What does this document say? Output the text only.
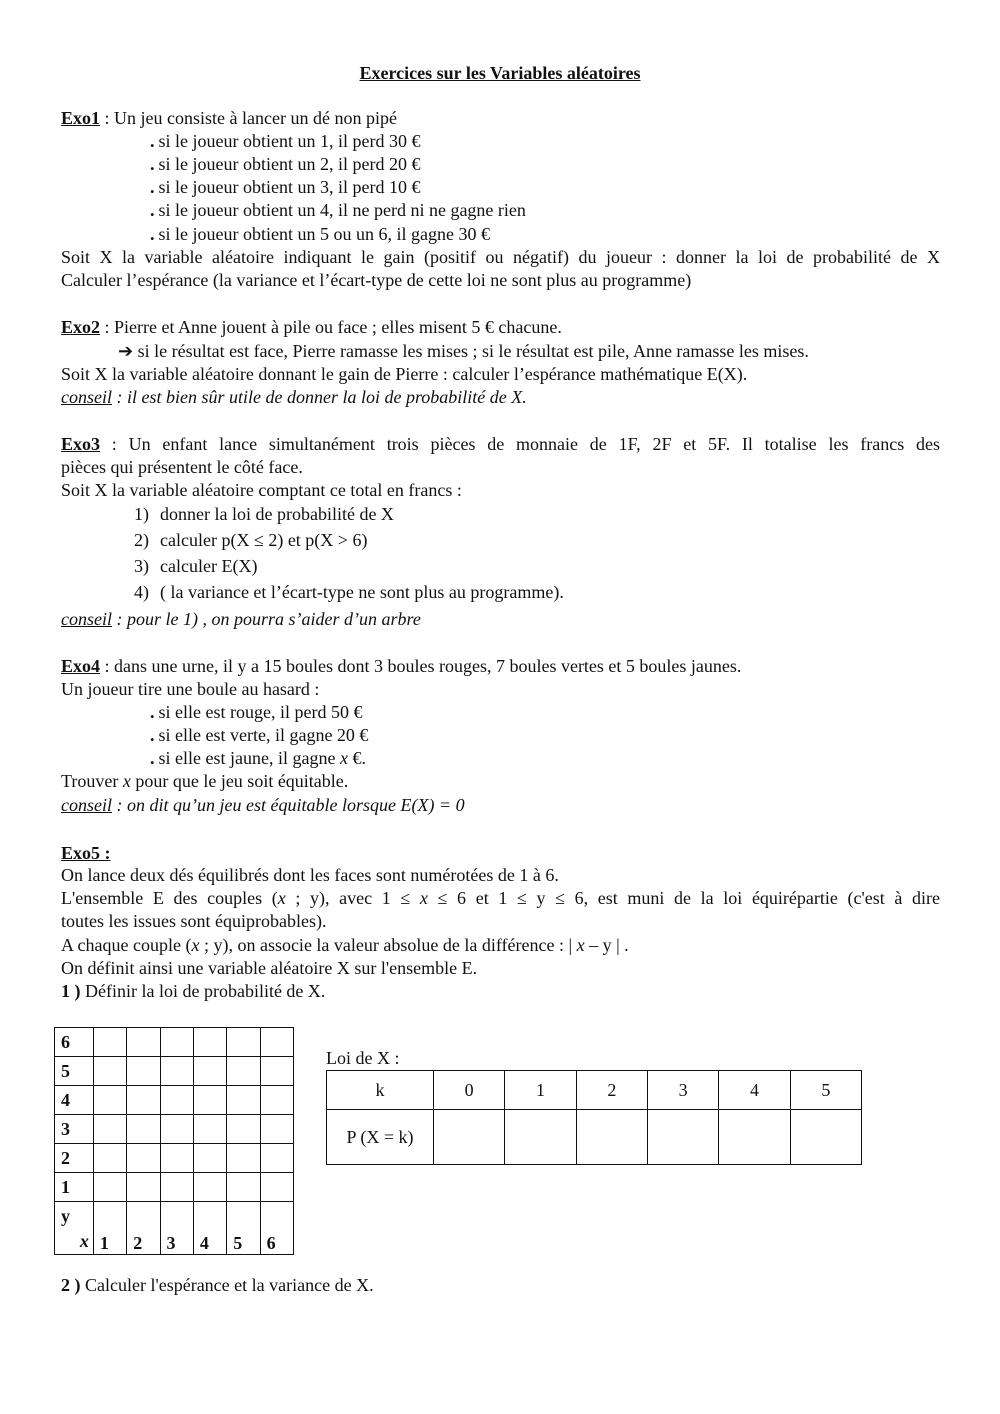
Exercices sur les Variables aléatoires
Exo1 : Un jeu consiste à lancer un dé non pipé
. si le joueur obtient un 1, il perd 30 €
. si le joueur obtient un 2, il perd 20 €
. si le joueur obtient un 3, il perd 10 €
. si le joueur obtient un 4, il ne perd ni ne gagne rien
. si le joueur obtient un 5 ou un 6, il gagne 30 €
Soit X la variable aléatoire indiquant le gain (positif ou négatif) du joueur : donner la loi de probabilité de X
Calculer l’espérance (la variance et l’écart-type de cette loi ne sont plus au programme)
Exo2 : Pierre et Anne jouent à pile ou face ; elles misent 5 € chacune.
➔ si le résultat est face, Pierre ramasse les mises ; si le résultat est pile, Anne ramasse les mises.
Soit X la variable aléatoire donnant le gain de Pierre : calculer l’espérance mathématique E(X).
conseil : il est bien sûr utile de donner la loi de probabilité de X.
Exo3 : Un enfant lance simultanément trois pièces de monnaie de 1F, 2F et 5F. Il totalise les francs des
pièces qui présentent le côté face.
Soit X la variable aléatoire comptant ce total en francs :
1) donner la loi de probabilité de X
2) calculer p(X ≤ 2) et p(X > 6)
3) calculer E(X)
4) ( la variance et l’écart-type ne sont plus au programme).
conseil : pour le 1) , on pourra s’aider d’un arbre
Exo4 : dans une urne, il y a 15 boules dont 3 boules rouges, 7 boules vertes et 5 boules jaunes.
Un joueur tire une boule au hasard :
. si elle est rouge, il perd 50 €
. si elle est verte, il gagne 20 €
. si elle est jaune, il gagne x €.
Trouver x pour que le jeu soit équitable.
conseil : on dit qu’un jeu est équitable lorsque E(X) = 0
Exo5 :
On lance deux dés équilibrés dont les faces sont numérotées de 1 à 6.
L'ensemble E des couples (x ; y), avec 1 ≤ x ≤ 6 et 1 ≤ y ≤ 6, est muni de la loi équirépartie (c'est à dire
toutes les issues sont équiprobables).
A chaque couple (x ; y), on associe la valeur absolue de la différence : | x – y | .
On définit ainsi une variable aléatoire X sur l'ensemble E.
1 ) Définir la loi de probabilité de X.
6						
5						
4						
3						
2						
1						

y
x	1	2	3	4	5	6
Loi de X :
k	0	1	2	3	4	5
P (X = k)						
2 ) Calculer l'espérance et la variance de X.
